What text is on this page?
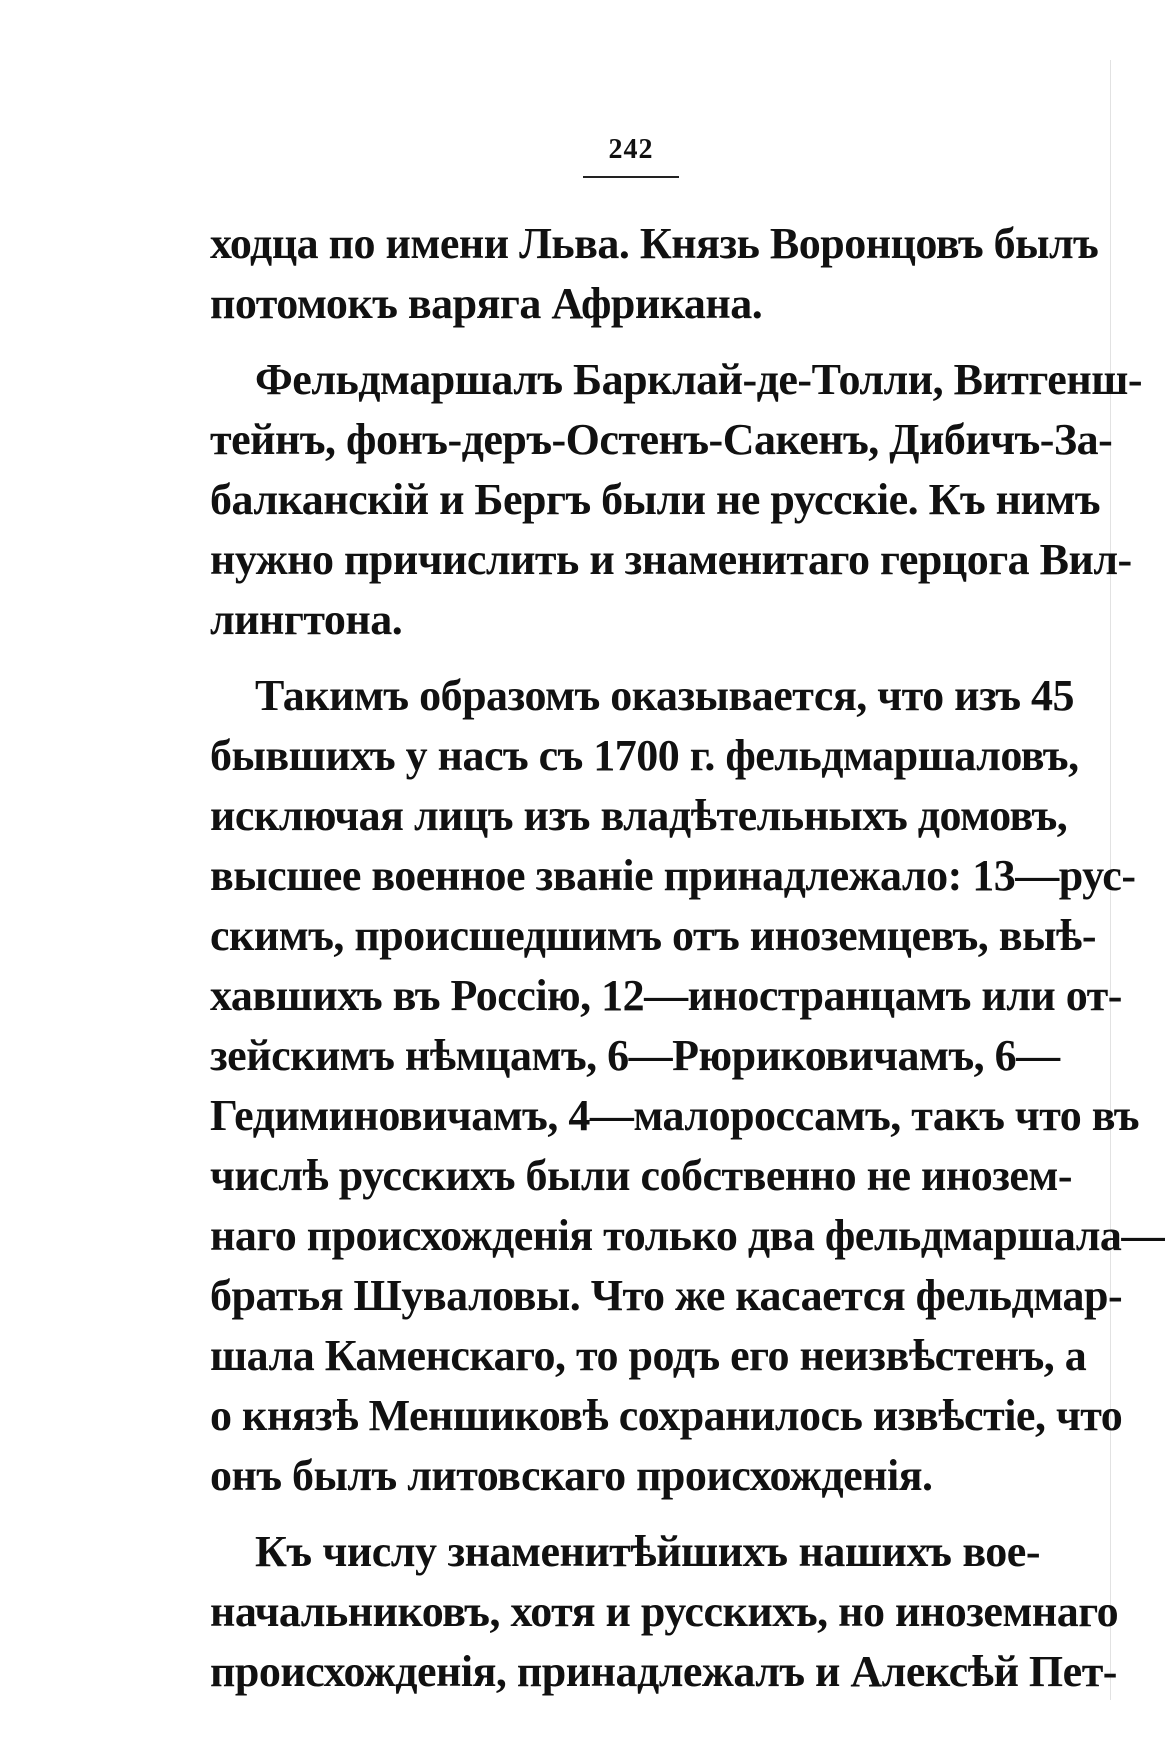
242
ходца по имени Льва. Князь Воронцовъ былъ
потомокъ варяга Африкана.
Фельдмаршалъ Барклай-де-Толли, Витгенш-
тейнъ, фонъ-деръ-Остенъ-Сакенъ, Дибичъ-За-
балканскій и Бергъ были не русскіе. Къ нимъ
нужно причислить и знаменитаго герцога Вил-
лингтона.
Такимъ образомъ оказывается, что изъ 45
бывшихъ у насъ съ 1700 г. фельдмаршаловъ,
исключая лицъ изъ владѣтельныхъ домовъ,
высшее военное званіе принадлежало: 13—рус-
скимъ, происшедшимъ отъ иноземцевъ, выѣ-
хавшихъ въ Россію, 12—иностранцамъ или от-
зейскимъ нѣмцамъ, 6—Рюриковичамъ, 6—
Гедиминовичамъ, 4—малороссамъ, такъ что въ
числѣ русскихъ были собственно не инозем-
наго происхожденія только два фельдмаршала—
братья Шуваловы. Что же касается фельдмар-
шала Каменскаго, то родъ его неизвѣстенъ, а
о князѣ Меншиковѣ сохранилось извѣстіе, что
онъ былъ литовскаго происхожденія.
Къ числу знаменитѣйшихъ нашихъ вое-
начальниковъ, хотя и русскихъ, но иноземнаго
происхожденія, принадлежалъ и Алексѣй Пет-
